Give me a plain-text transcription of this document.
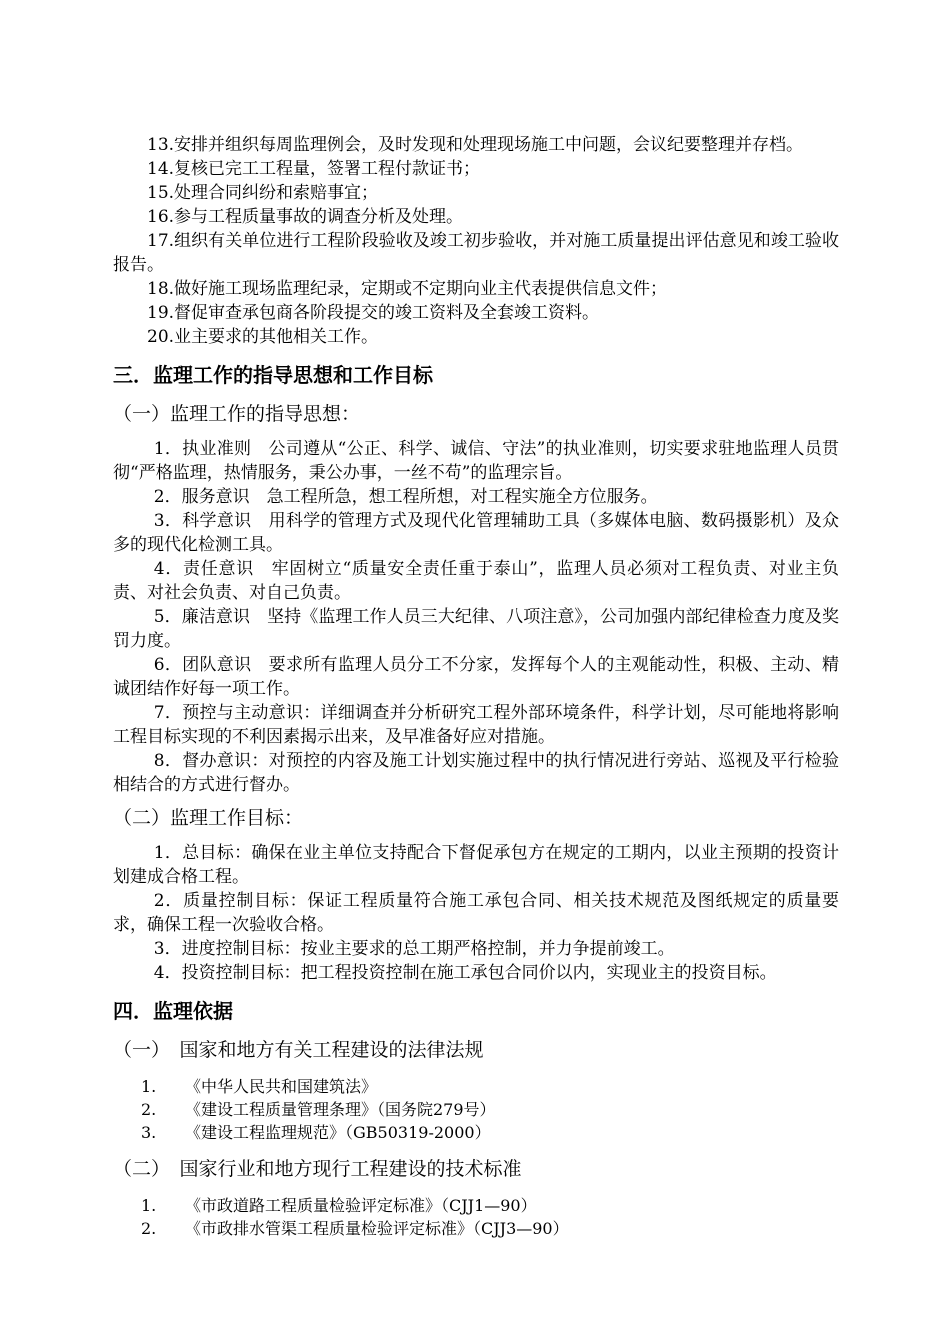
13.安排并组织每周监理例会，及时发现和处理现场施工中问题，会议纪要整理并存档。

14.复核已完工工程量，签署工程付款证书；

15.处理合同纠纷和索赔事宜；

16.参与工程质量事故的调查分析及处理。

17.组织有关单位进行工程阶段验收及竣工初步验收，并对施工质量提出评估意见和竣工验收报告。

18.做好施工现场监理纪录，定期或不定期向业主代表提供信息文件；

19.督促审查承包商各阶段提交的竣工资料及全套竣工资料。

20.业主要求的其他相关工作。

三．监理工作的指导思想和工作目标
（一）监理工作的指导思想：

1．执业准则　公司遵从“公正、科学、诚信、守法”的执业准则，切实要求驻地监理人员贯彻“严格监理，热情服务，秉公办事，一丝不苟”的监理宗旨。

2．服务意识　急工程所急，想工程所想，对工程实施全方位服务。

3．科学意识　用科学的管理方式及现代化管理辅助工具（多媒体电脑、数码摄影机）及众多的现代化检测工具。

4．责任意识　牢固树立“质量安全责任重于泰山”，监理人员必须对工程负责、对业主负责、对社会负责、对自己负责。

5．廉洁意识　坚持《监理工作人员三大纪律、八项注意》，公司加强内部纪律检查力度及奖罚力度。

6．团队意识　要求所有监理人员分工不分家，发挥每个人的主观能动性，积极、主动、精诚团结作好每一项工作。

7．预控与主动意识：详细调查并分析研究工程外部环境条件，科学计划，尽可能地将影响工程目标实现的不利因素揭示出来，及早准备好应对措施。

8．督办意识：对预控的内容及施工计划实施过程中的执行情况进行旁站、巡视及平行检验相结合的方式进行督办。

（二）监理工作目标：

1．总目标：确保在业主单位支持配合下督促承包方在规定的工期内，以业主预期的投资计划建成合格工程。

2．质量控制目标：保证工程质量符合施工承包合同、相关技术规范及图纸规定的质量要求，确保工程一次验收合格。

3．进度控制目标：按业主要求的总工期严格控制，并力争提前竣工。

4．投资控制目标：把工程投资控制在施工承包合同价以内，实现业主的投资目标。

四．监理依据
（一）　国家和地方有关工程建设的法律法规
1. 《中华人民共和国建筑法》
2. 《建设工程质量管理条理》（国务院279号）
3. 《建设工程监理规范》（GB50319-2000）
（二）　国家行业和地方现行工程建设的技术标准
1. 《市政道路工程质量检验评定标准》（CJJ1—90）
2. 《市政排水管渠工程质量检验评定标准》（CJJ3—90）
